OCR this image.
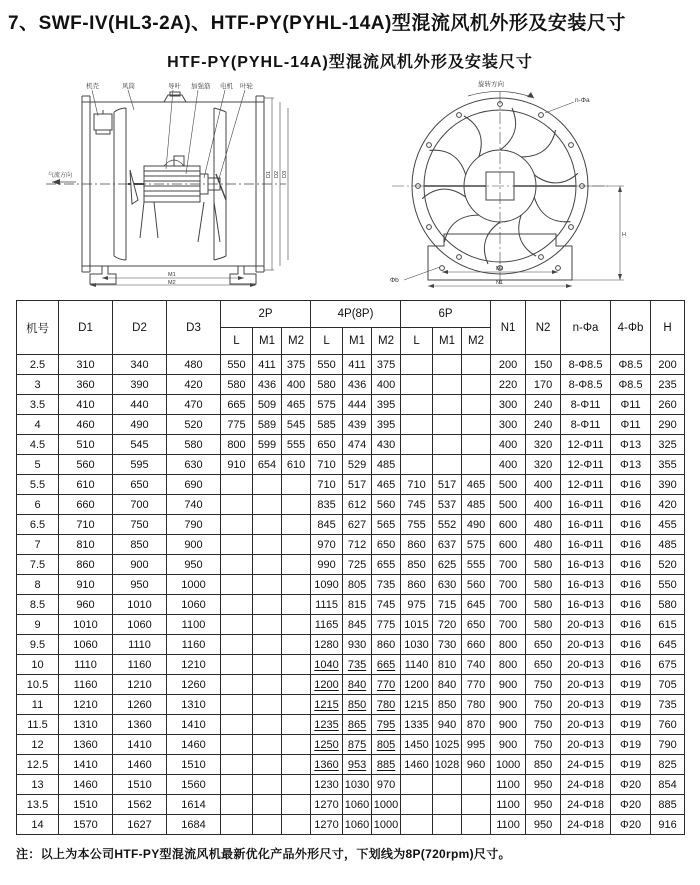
7、SWF-IV(HL3-2A)、HTF-PY(PYHL-14A)型混流风机外形及安装尺寸
HTF-PY(PYHL-14A)型混流风机外形及安装尺寸
机壳	风筒	导叶 加强筋 电机 叶轮
气流方向	D1 D2 D3
M1
M2
旋转方向
n-Φa
Φb
H
N2
N1
机号	D1	D2	D3	2P			4P(8P)			6P			N1	N2	n-Φa	4-Φb	H
				L	M1	M2	L	M1	M2	L	M1	M2					
2.5	310	340	480	550	411	375	550	411	375				200	150	8-Φ8.5	Φ8.5	200
3	360	390	420	580	436	400	580	436	400				220	170	8-Φ8.5	Φ8.5	235
3.5	410	440	470	665	509	465	575	444	395				300	240	8-Φ11	Φ11	260
4	460	490	520	775	589	545	585	439	395				300	240	8-Φ11	Φ11	290
4.5	510	545	580	800	599	555	650	474	430				400	320	12-Φ11	Φ13	325
5	560	595	630	910	654	610	710	529	485				400	320	12-Φ11	Φ13	355
5.5	610	650	690				710	517	465	710	517	465	500	400	12-Φ11	Φ16	390
6	660	700	740				835	612	560	745	537	485	500	400	16-Φ11	Φ16	420
6.5	710	750	790				845	627	565	755	552	490	600	480	16-Φ11	Φ16	455
7	810	850	900				970	712	650	860	637	575	600	480	16-Φ11	Φ16	485
7.5	860	900	950				990	725	655	850	625	555	700	580	16-Φ13	Φ16	520
8	910	950	1000				1090	805	735	860	630	560	700	580	16-Φ13	Φ16	550
8.5	960	1010	1060				1115	815	745	975	715	645	700	580	16-Φ13	Φ16	580
9	1010	1060	1100				1165	845	775	1015	720	650	700	580	20-Φ13	Φ16	615
9.5	1060	1110	1160				1280	930	860	1030	730	660	800	650	20-Φ13	Φ16	645
10	1110	1160	1210				1040	735	665	1140	810	740	800	650	20-Φ13	Φ16	675
10.5	1160	1210	1260				1200	840	770	1200	840	770	900	750	20-Φ13	Φ19	705
11	1210	1260	1310				1215	850	780	1215	850	780	900	750	20-Φ13	Φ19	735
11.5	1310	1360	1410				1235	865	795	1335	940	870	900	750	20-Φ13	Φ19	760
12	1360	1410	1460				1250	875	805	1450	1025	995	900	750	20-Φ13	Φ19	790
12.5	1410	1460	1510				1360	953	885	1460	1028	960	1000	850	24-Φ15	Φ19	825
13	1460	1510	1560				1230	1030	970				1100	950	24-Φ18	Φ20	854
13.5	1510	1562	1614				1270	1060	1000				1100	950	24-Φ18	Φ20	885
14	1570	1627	1684				1270	1060	1000				1100	950	24-Φ18	Φ20	916

注：以上为本公司HTF-PY型混流风机最新优化产品外形尺寸，下划线为8P(720rpm)尺寸。
